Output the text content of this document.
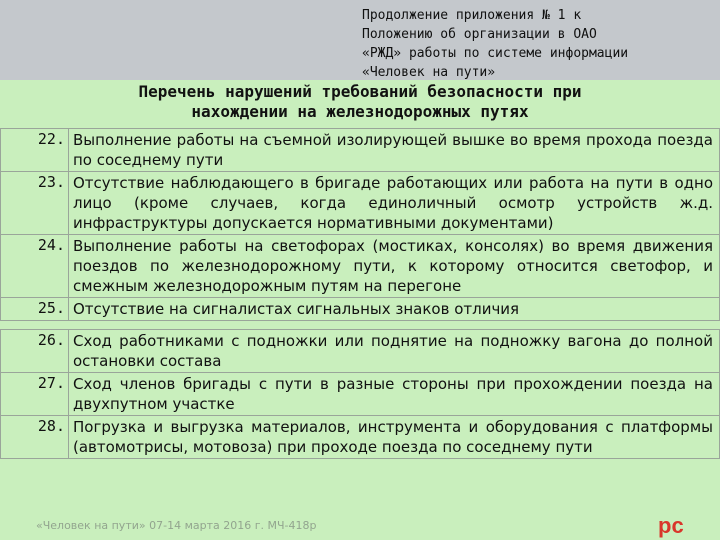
Продолжение приложения № 1 к
Положению об организации в ОАО
«РЖД» работы по системе информации
«Человек на пути»
Перечень нарушений требований безопасности при
нахождении на железнодорожных путях
22.	Выполнение работы на съемной изолирующей вышке во время прохода поезда по соседнему пути
23.	Отсутствие наблюдающего в бригаде работающих или работа на пути в одно лицо (кроме случаев, когда единоличный осмотр устройств ж.д. инфраструктуры допускается нормативными документами)
24.	Выполнение работы на светофорах (мостиках, консолях) во время движения поездов по железнодорожному пути, к которому относится светофор, и смежным железнодорожным путям на перегоне
25.	Отсутствие на сигналистах сигнальных знаков отличия

26.	Сход работниками с подножки или поднятие на подножку вагона до полной остановки состава
27.	Сход членов бригады с пути в разные стороны при прохождении поезда на двухпутном участке
28.	Погрузка и выгрузка материалов, инструмента и оборудования с платформы (автомотрисы, мотовоза) при проходе поезда по соседнему пути
«Человек на пути» 07-14 марта 2016 г. МЧ-418р	рс
